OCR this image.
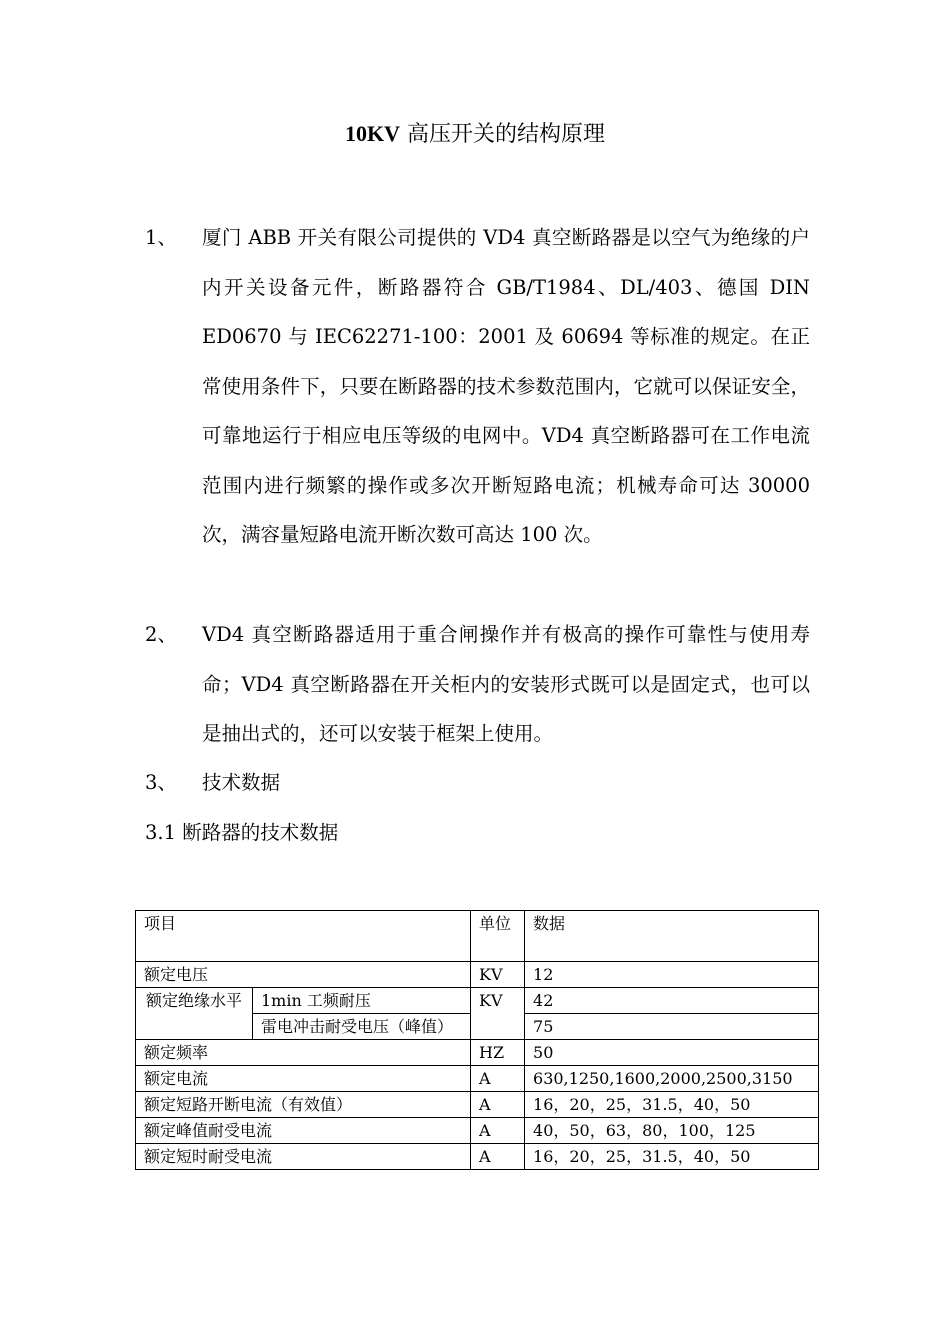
10KV 高压开关的结构原理
1、 厦门 ABB 开关有限公司提供的 VD4 真空断路器是以空气为绝缘的户内开关设备元件，断路器符合 GB/T1984、DL/403、德国 DIN ED0670 与 IEC62271-100：2001 及 60694 等标准的规定。在正常使用条件下，只要在断路器的技术参数范围内，它就可以保证安全，可靠地运行于相应电压等级的电网中。VD4 真空断路器可在工作电流范围内进行频繁的操作或多次开断短路电流；机械寿命可达 30000 次，满容量短路电流开断次数可高达 100 次。
2、 VD4 真空断路器适用于重合闸操作并有极高的操作可靠性与使用寿命；VD4 真空断路器在开关柜内的安装形式既可以是固定式，也可以是抽出式的，还可以安装于框架上使用。
3、 技术数据
3.1 断路器的技术数据
项目		单位	数据
额定电压		KV	12
额定绝缘水平	1min 工频耐压	KV	42
	雷电冲击耐受电压（峰值）		75
额定频率		HZ	50
额定电流		A	630,1250,1600,2000,2500,3150
额定短路开断电流（有效值）		A	16，20，25，31.5，40，50
额定峰值耐受电流		A	40，50，63，80，100，125
额定短时耐受电流		A	16，20，25，31.5，40，50
